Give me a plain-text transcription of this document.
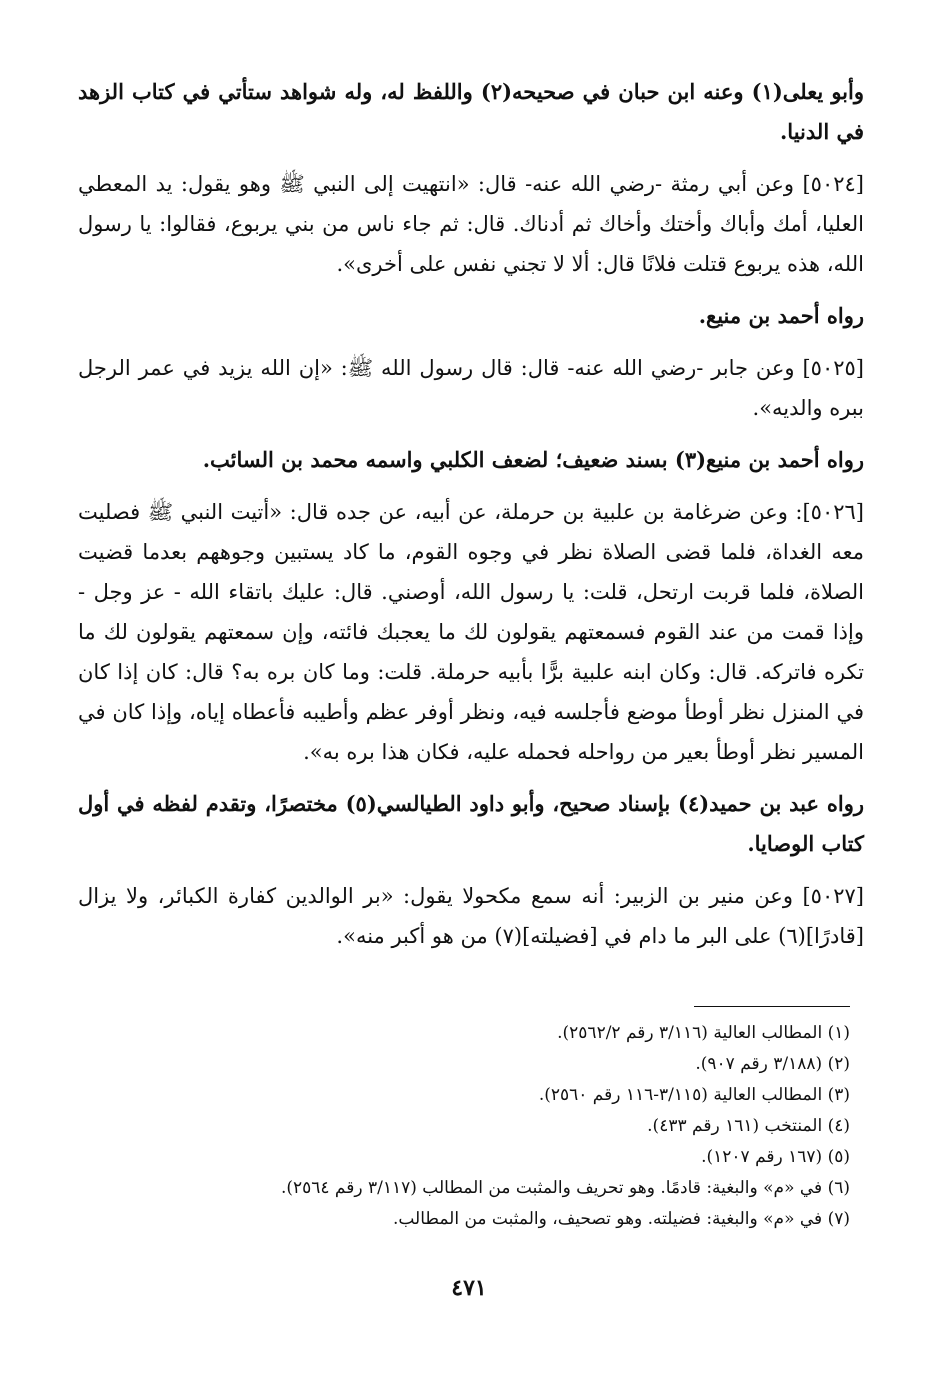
وأبو يعلى(١) وعنه ابن حبان في صحيحه(٢) واللفظ له، وله شواهد ستأتي في كتاب الزهد في الدنيا.

[٥٠٢٤] وعن أبي رمثة -رضي الله عنه- قال: «انتهيت إلى النبي ﷺ وهو يقول: يد المعطي العليا، أمك وأباك وأختك وأخاك ثم أدناك. قال: ثم جاء ناس من بني يربوع، فقالوا: يا رسول الله، هذه يربوع قتلت فلانًا قال: ألا لا تجني نفس على أخرى».

رواه أحمد بن منيع.

[٥٠٢٥] وعن جابر -رضي الله عنه- قال: قال رسول الله ﷺ: «إن الله يزيد في عمر الرجل ببره والديه».

رواه أحمد بن منيع(٣) بسند ضعيف؛ لضعف الكلبي واسمه محمد بن السائب.

[٥٠٢٦]: وعن ضرغامة بن علبية بن حرملة، عن أبيه، عن جده قال: «أتيت النبي ﷺ فصليت معه الغداة، فلما قضى الصلاة نظر في وجوه القوم، ما كاد يستبين وجوههم بعدما قضيت الصلاة، فلما قربت ارتحل، قلت: يا رسول الله، أوصني. قال: عليك باتقاء الله - عز وجل - وإذا قمت من عند القوم فسمعتهم يقولون لك ما يعجبك فائته، وإن سمعتهم يقولون لك ما تكره فاتركه. قال: وكان ابنه علبية برًّا بأبيه حرملة. قلت: وما كان بره به؟ قال: كان إذا كان في المنزل نظر أوطأ موضع فأجلسه فيه، ونظر أوفر عظم وأطيبه فأعطاه إياه، وإذا كان في المسير نظر أوطأ بعير من رواحله فحمله عليه، فكان هذا بره به».

رواه عبد بن حميد(٤) بإسناد صحيح، وأبو داود الطيالسي(٥) مختصرًا، وتقدم لفظه في أول كتاب الوصايا.

[٥٠٢٧] وعن منير بن الزبير: أنه سمع مكحولا يقول: «بر الوالدين كفارة الكبائر، ولا يزال [قادرًا](٦) على البر ما دام في [فضيلته](٧) من هو أكبر منه».

(١) المطالب العالية (٣/١١٦ رقم ٢٥٦٢/٢).
(٢) (٣/١٨٨ رقم ٩٠٧).
(٣) المطالب العالية (٣/١١٥-١١٦ رقم ٢٥٦٠).
(٤) المنتخب (١٦١ رقم ٤٣٣).
(٥) (١٦٧ رقم ١٢٠٧).
(٦) في «م» والبغية: قادمًا. وهو تحريف والمثبت من المطالب (٣/١١٧ رقم ٢٥٦٤).
(٧) في «م» والبغية: فضيلته. وهو تصحيف، والمثبت من المطالب.
٤٧١
